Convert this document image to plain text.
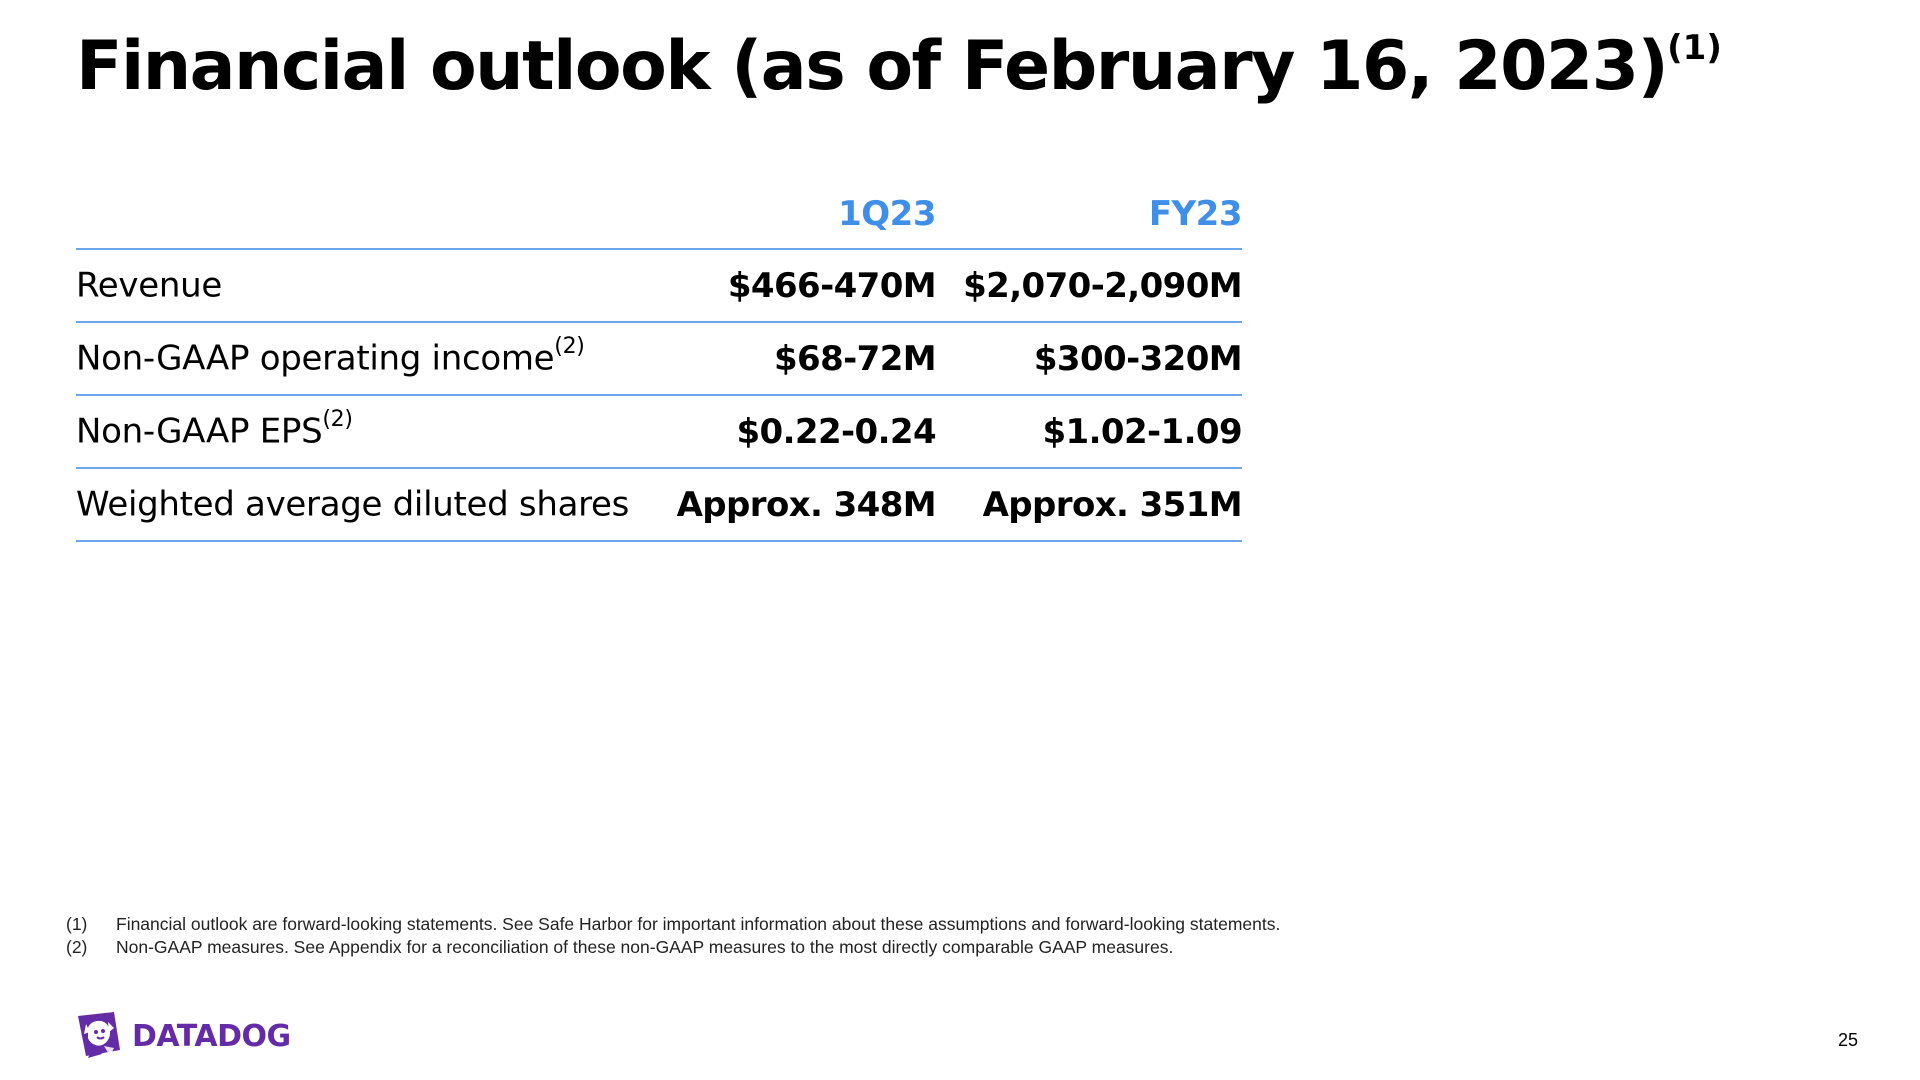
Financial outlook (as of February 16, 2023)$^{(1)}$
	1Q23	FY23
Revenue	$466-470M	$2,070-2,090M
Non-GAAP operating income$^{(2)}$	$68-72M	$300-320M
Non-GAAP EPS$^{(2)}$	$0.22-0.24	$1.02-1.09
Weighted average diluted shares	Approx. 348M	Approx. 351M
(1)	Financial outlook are forward-looking statements. See Safe Harbor for important information about these assumptions and forward-looking statements.
(2)	Non-GAAP measures. See Appendix for a reconciliation of these non-GAAP measures to the most directly comparable GAAP measures.
DATADOG	25
